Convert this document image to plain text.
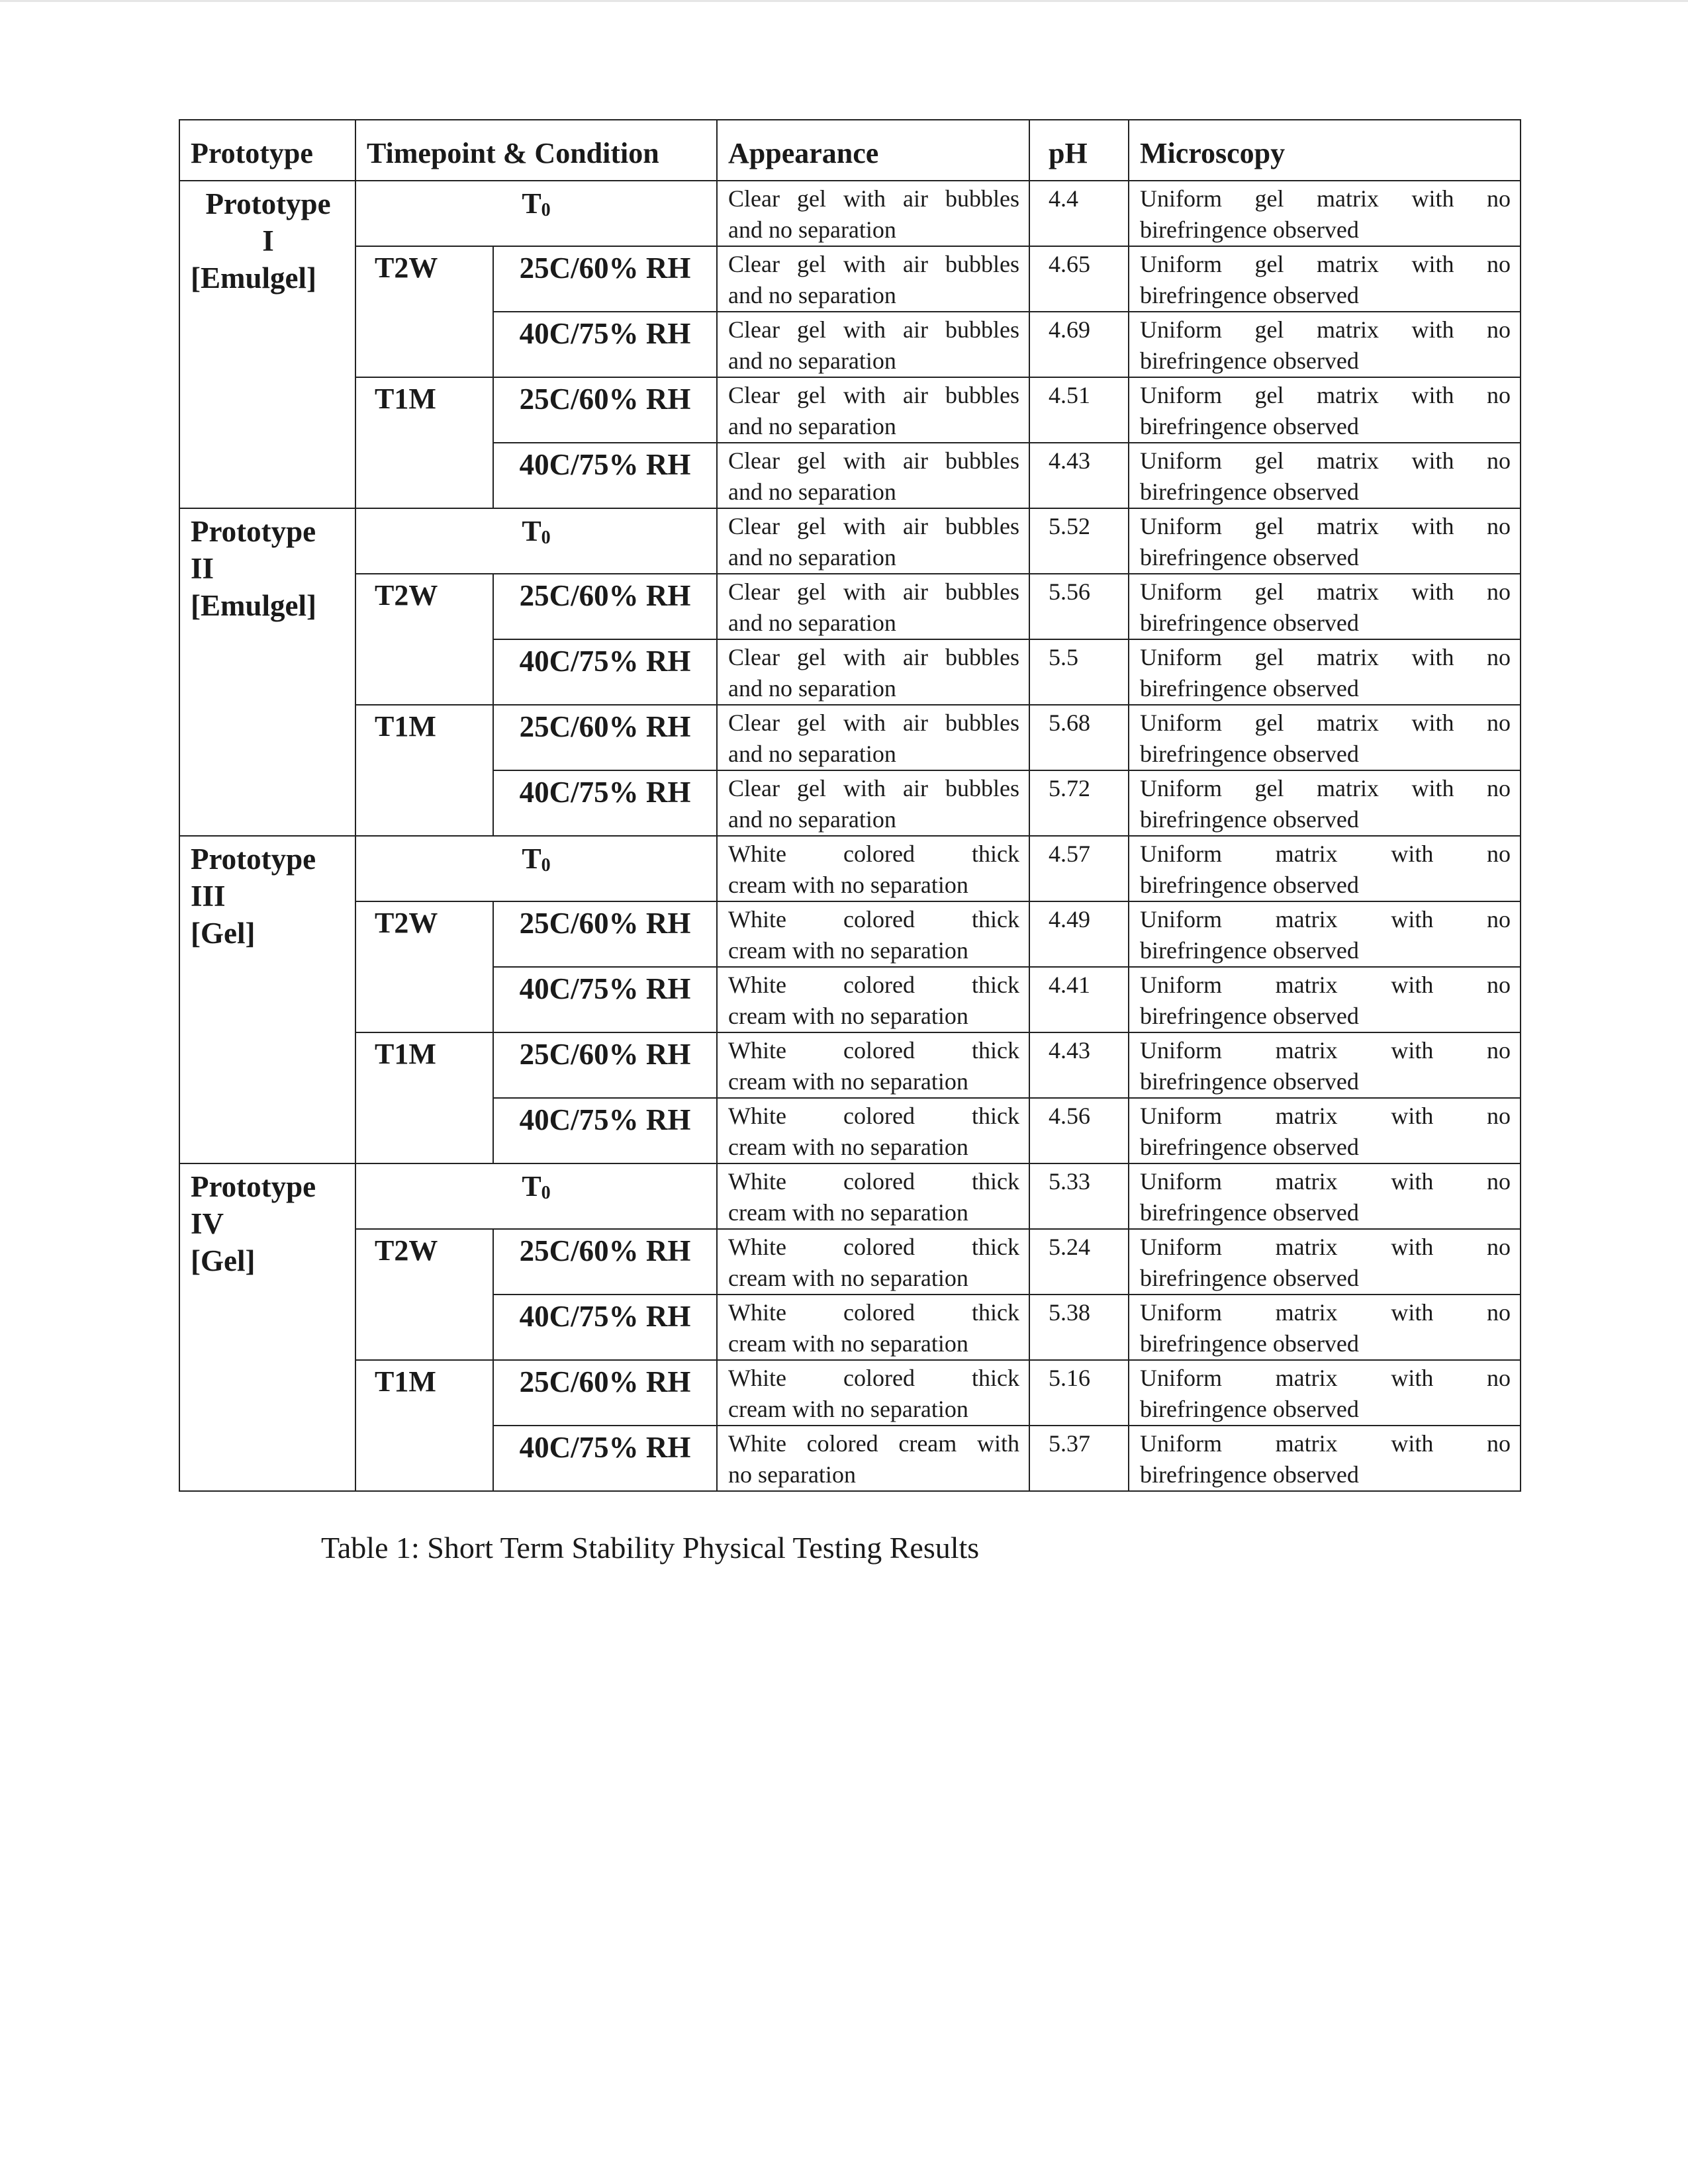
Prototype	Timepoint & Condition		Appearance	pH	Microscopy

Prototype
I
[Emulgel]	$T_0$		Clear gel with air bubbles
and no separation	4.4	Uniform gel matrix with no
birefringence observed

	T2W	25C/60% RH	Clear gel with air bubbles
and no separation	4.65	Uniform gel matrix with no
birefringence observed

		40C/75% RH	Clear gel with air bubbles
and no separation	4.69	Uniform gel matrix with no
birefringence observed

	T1M	25C/60% RH	Clear gel with air bubbles
and no separation	4.51	Uniform gel matrix with no
birefringence observed

		40C/75% RH	Clear gel with air bubbles
and no separation	4.43	Uniform gel matrix with no
birefringence observed

Prototype
II
[Emulgel]	$T_0$		Clear gel with air bubbles
and no separation	5.52	Uniform gel matrix with no
birefringence observed

	T2W	25C/60% RH	Clear gel with air bubbles
and no separation	5.56	Uniform gel matrix with no
birefringence observed

		40C/75% RH	Clear gel with air bubbles
and no separation	5.5	Uniform gel matrix with no
birefringence observed

	T1M	25C/60% RH	Clear gel with air bubbles
and no separation	5.68	Uniform gel matrix with no
birefringence observed

		40C/75% RH	Clear gel with air bubbles
and no separation	5.72	Uniform gel matrix with no
birefringence observed

Prototype
III
[Gel]	$T_0$		White colored thick
cream with no separation	4.57	Uniform matrix with no
birefringence observed

	T2W	25C/60% RH	White colored thick
cream with no separation	4.49	Uniform matrix with no
birefringence observed

		40C/75% RH	White colored thick
cream with no separation	4.41	Uniform matrix with no
birefringence observed

	T1M	25C/60% RH	White colored thick
cream with no separation	4.43	Uniform matrix with no
birefringence observed

		40C/75% RH	White colored thick
cream with no separation	4.56	Uniform matrix with no
birefringence observed

Prototype
IV
[Gel]	$T_0$		White colored thick
cream with no separation	5.33	Uniform matrix with no
birefringence observed

	T2W	25C/60% RH	White colored thick
cream with no separation	5.24	Uniform matrix with no
birefringence observed

		40C/75% RH	White colored thick
cream with no separation	5.38	Uniform matrix with no
birefringence observed

	T1M	25C/60% RH	White colored thick
cream with no separation	5.16	Uniform matrix with no
birefringence observed

		40C/75% RH	White colored cream with
no separation	5.37	Uniform matrix with no
birefringence observed
Table 1: Short Term Stability Physical Testing Results
